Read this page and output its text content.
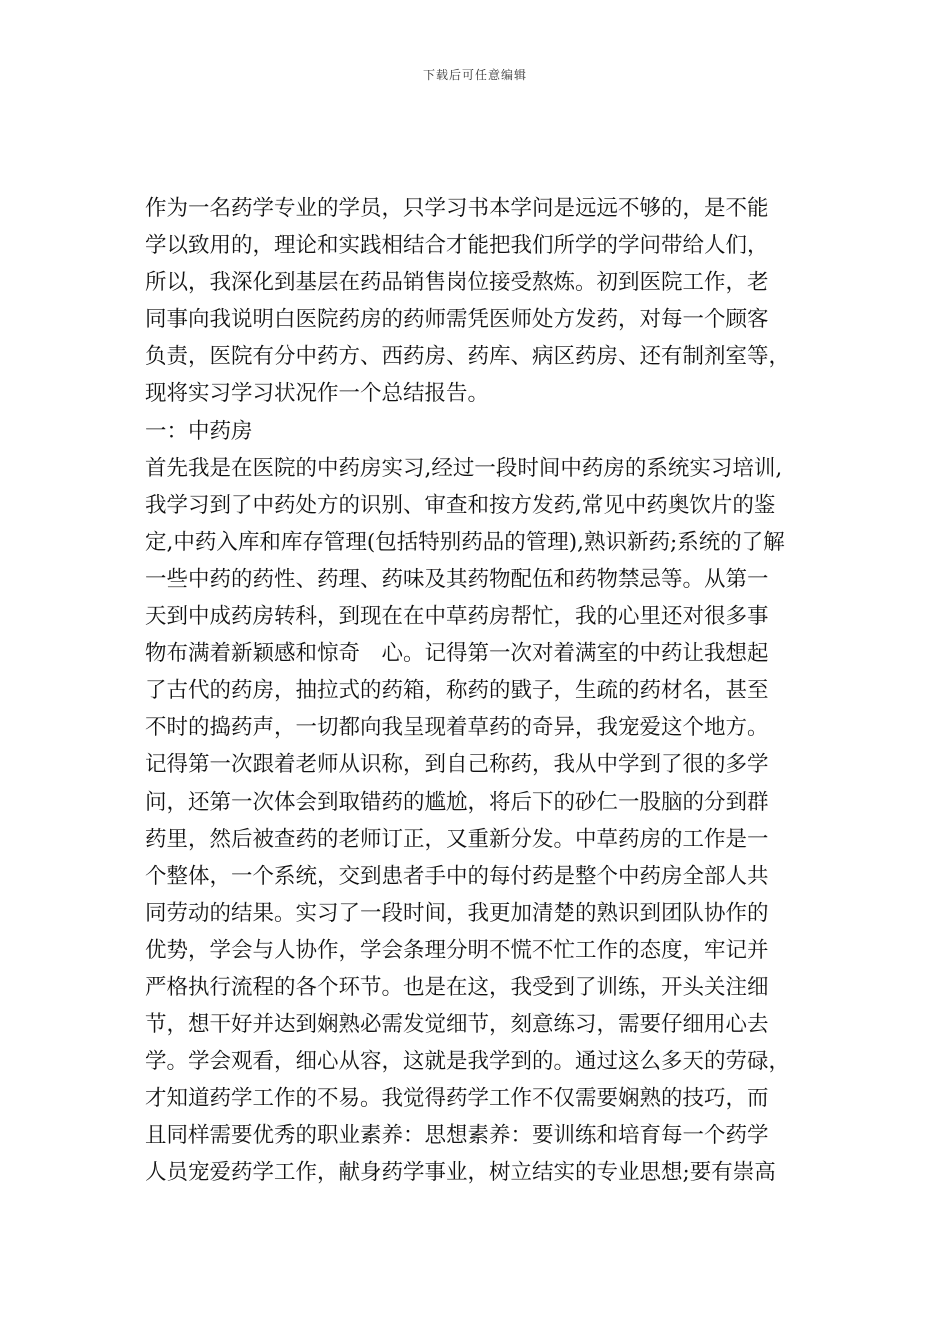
下载后可任意编辑
作为一名药学专业的学员，只学习书本学问是远远不够的，是不能
学以致用的，理论和实践相结合才能把我们所学的学问带给人们，
所以，我深化到基层在药品销售岗位接受熬炼。初到医院工作，老
同事向我说明白医院药房的药师需凭医师处方发药，对每一个顾客
负责，医院有分中药方、西药房、药库、病区药房、还有制剂室等，
现将实习学习状况作一个总结报告。
一：中药房
首先我是在医院的中药房实习,经过一段时间中药房的系统实习培训,
我学习到了中药处方的识别、审查和按方发药,常见中药奥饮片的鉴
定,中药入库和库存管理(包括特别药品的管理),熟识新药;系统的了解
一些中药的药性、药理、药味及其药物配伍和药物禁忌等。从第一
天到中成药房转科，到现在在中草药房帮忙，我的心里还对很多事
物布满着新颖感和惊奇　心。记得第一次对着满室的中药让我想起
了古代的药房，抽拉式的药箱，称药的戥子，生疏的药材名，甚至
不时的捣药声，一切都向我呈现着草药的奇异，我宠爱这个地方。
记得第一次跟着老师从识称，到自己称药，我从中学到了很的多学
问，还第一次体会到取错药的尴尬，将后下的砂仁一股脑的分到群
药里，然后被查药的老师订正，又重新分发。中草药房的工作是一
个整体，一个系统，交到患者手中的每付药是整个中药房全部人共
同劳动的结果。实习了一段时间，我更加清楚的熟识到团队协作的
优势，学会与人协作，学会条理分明不慌不忙工作的态度，牢记并
严格执行流程的各个环节。也是在这，我受到了训练，开头关注细
节，想干好并达到娴熟必需发觉细节，刻意练习，需要仔细用心去
学。学会观看，细心从容，这就是我学到的。通过这么多天的劳碌，
才知道药学工作的不易。我觉得药学工作不仅需要娴熟的技巧，而
且同样需要优秀的职业素养：思想素养：要训练和培育每一个药学
人员宠爱药学工作，献身药学事业，树立结实的专业思想;要有崇高
